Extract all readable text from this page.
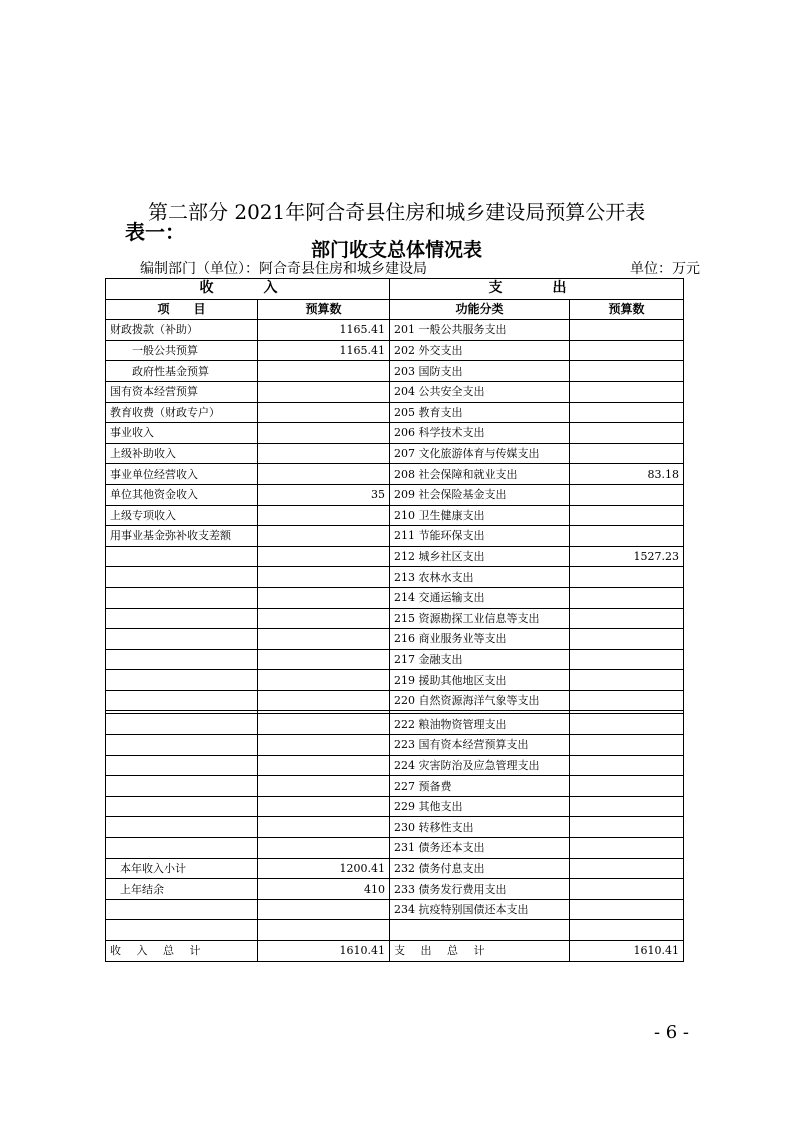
第二部分 2021年阿合奇县住房和城乡建设局预算公开表
表一：
部门收支总体情况表
编制部门（单位）：阿合奇县住房和城乡建设局	单位：万元
收　入		支　出	
项　　目	预算数	功能分类	预算数
财政拨款（补助）	1165.41	201 一般公共服务支出	
一般公共预算	1165.41	202 外交支出	
政府性基金预算		203 国防支出	
国有资本经营预算		204 公共安全支出	
教育收费（财政专户）		205 教育支出	
事业收入		206 科学技术支出	
上级补助收入		207 文化旅游体育与传媒支出	
事业单位经营收入		208 社会保障和就业支出	83.18
单位其他资金收入	35	209 社会保险基金支出	
上级专项收入		210 卫生健康支出	
用事业基金弥补收支差额		211 节能环保支出	
		212 城乡社区支出	1527.23
		213 农林水支出	
		214 交通运输支出	
		215 资源勘探工业信息等支出	
		216 商业服务业等支出	
		217 金融支出	
		219 援助其他地区支出	
		220 自然资源海洋气象等支出	

		222 粮油物资管理支出	
		223 国有资本经营预算支出	
		224 灾害防治及应急管理支出	
		227 预备费	
		229 其他支出	
		230 转移性支出	
		231 债务还本支出	
本年收入小计	1200.41	232 债务付息支出	
上年结余	410	233 债务发行费用支出	
		234 抗疫特别国债还本支出	

收 入 总 计	1610.41	支 出 总 计	1610.41
- 6 -
